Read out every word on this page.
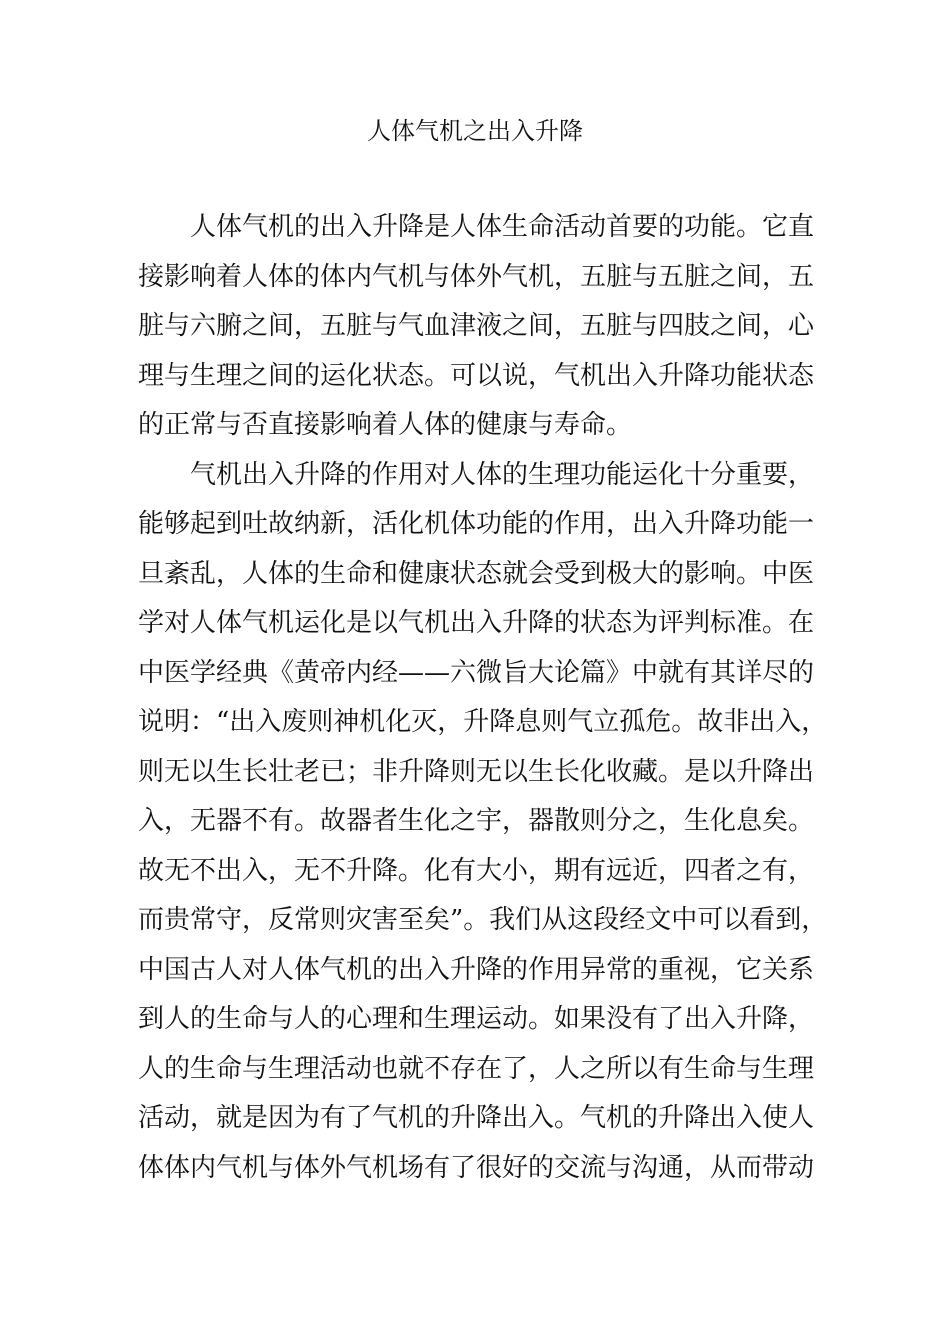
人体气机之出入升降
人体气机的出入升降是人体生命活动首要的功能。它直
接影响着人体的体内气机与体外气机，五脏与五脏之间，五
脏与六腑之间，五脏与气血津液之间，五脏与四肢之间，心
理与生理之间的运化状态。可以说，气机出入升降功能状态
的正常与否直接影响着人体的健康与寿命。
气机出入升降的作用对人体的生理功能运化十分重要，
能够起到吐故纳新，活化机体功能的作用，出入升降功能一
旦紊乱，人体的生命和健康状态就会受到极大的影响。中医
学对人体气机运化是以气机出入升降的状态为评判标准。在
中医学经典《黄帝内经——六微旨大论篇》中就有其详尽的
说明：“出入废则神机化灭，升降息则气立孤危。故非出入，
则无以生长壮老已；非升降则无以生长化收藏。是以升降出
入，无器不有。故器者生化之宇，器散则分之，生化息矣。
故无不出入，无不升降。化有大小，期有远近，四者之有，
而贵常守，反常则灾害至矣”。我们从这段经文中可以看到，
中国古人对人体气机的出入升降的作用异常的重视，它关系
到人的生命与人的心理和生理运动。如果没有了出入升降，
人的生命与生理活动也就不存在了，人之所以有生命与生理
活动，就是因为有了气机的升降出入。气机的升降出入使人
体体内气机与体外气机场有了很好的交流与沟通，从而带动
